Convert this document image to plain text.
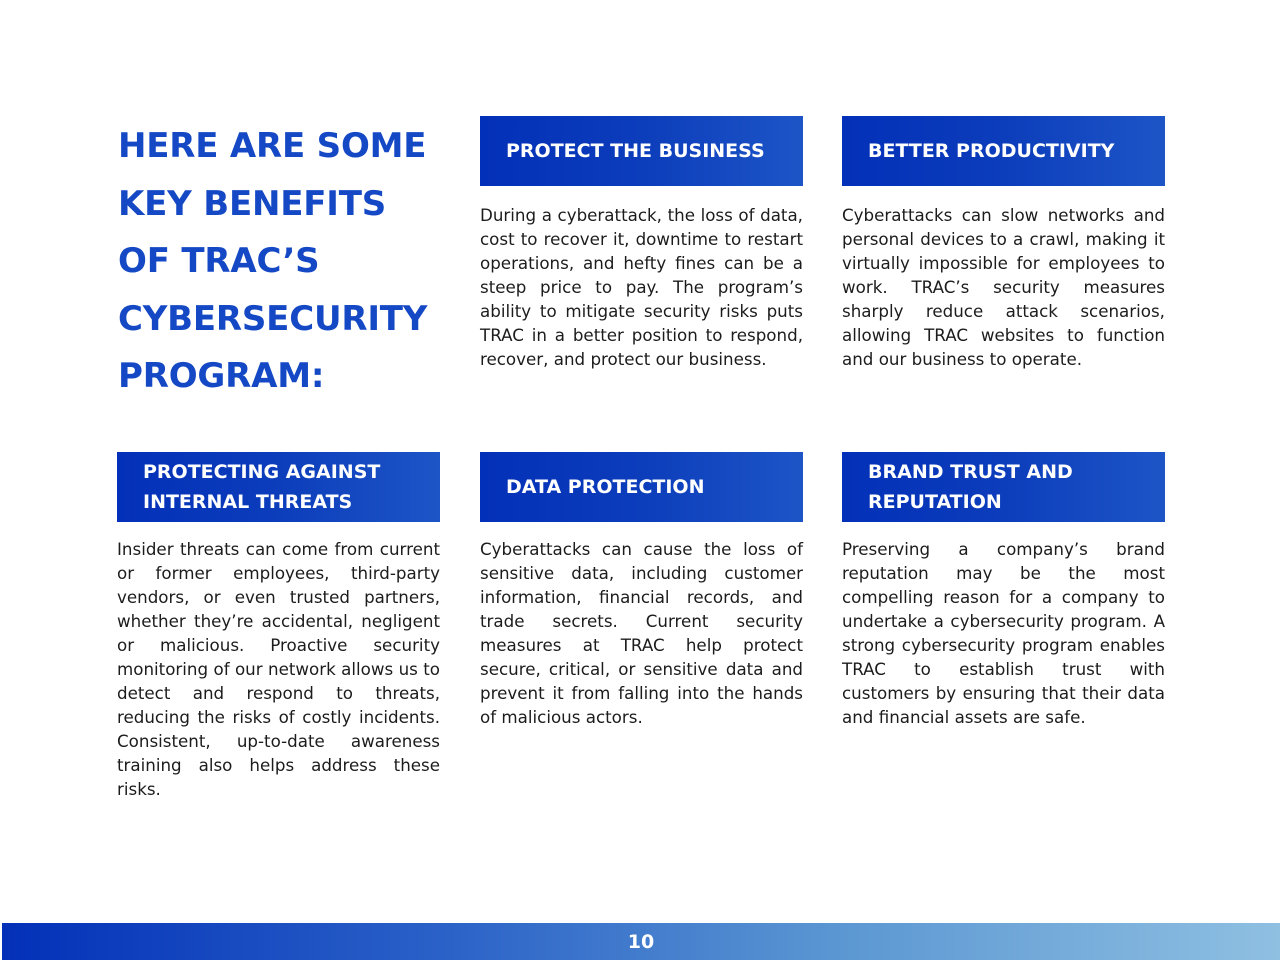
HERE ARE SOME
KEY BENEFITS
OF TRAC’S
CYBERSECURITY
PROGRAM:
PROTECT THE BUSINESS
During a cyberattack, the loss of data, cost to recover it, downtime to restart operations, and hefty fines can be a steep price to pay. The program’s ability to mitigate security risks puts TRAC in a better position to respond, recover, and protect our business.
BETTER PRODUCTIVITY
Cyberattacks can slow networks and personal devices to a crawl, making it virtually impossible for employees to work. TRAC’s security measures sharply reduce attack scenarios, allowing TRAC websites to function and our business to operate.
PROTECTING AGAINST INTERNAL THREATS
Insider threats can come from current or former employees, third-party vendors, or even trusted partners, whether they’re accidental, negligent or malicious. Proactive security monitoring of our network allows us to detect and respond to threats, reducing the risks of costly incidents. Consistent, up-to-date awareness training also helps address these risks.
DATA PROTECTION
Cyberattacks can cause the loss of sensitive data, including customer information, financial records, and trade secrets. Current security measures at TRAC help protect secure, critical, or sensitive data and prevent it from falling into the hands of malicious actors.
BRAND TRUST AND REPUTATION
Preserving a company’s brand reputation may be the most compelling reason for a company to undertake a cybersecurity program. A strong cybersecurity program enables TRAC to establish trust with customers by ensuring that their data and financial assets are safe.
10
